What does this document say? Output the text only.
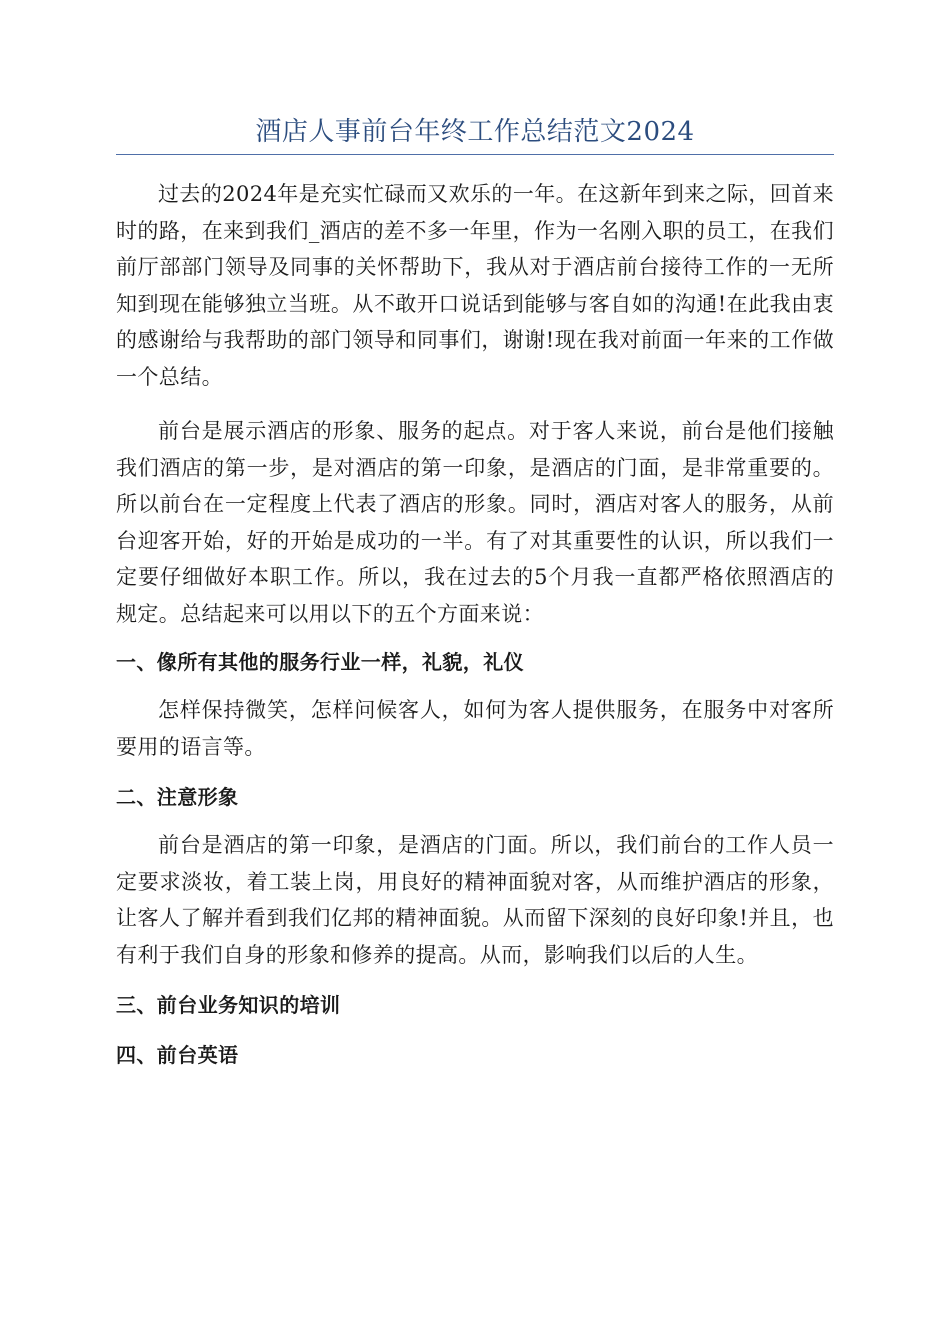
酒店人事前台年终工作总结范文2024

过去的2024年是充实忙碌而又欢乐的一年。在这新年到来之际，回首来时的路，在来到我们_酒店的差不多一年里，作为一名刚入职的员工，在我们前厅部部门领导及同事的关怀帮助下，我从对于酒店前台接待工作的一无所知到现在能够独立当班。从不敢开口说话到能够与客自如的沟通!在此我由衷的感谢给与我帮助的部门领导和同事们，谢谢!现在我对前面一年来的工作做一个总结。

前台是展示酒店的形象、服务的起点。对于客人来说，前台是他们接触我们酒店的第一步，是对酒店的第一印象，是酒店的门面，是非常重要的。所以前台在一定程度上代表了酒店的形象。同时，酒店对客人的服务，从前台迎客开始，好的开始是成功的一半。有了对其重要性的认识，所以我们一定要仔细做好本职工作。所以，我在过去的5个月我一直都严格依照酒店的规定。总结起来可以用以下的五个方面来说：

一、像所有其他的服务行业一样，礼貌，礼仪

怎样保持微笑，怎样问候客人，如何为客人提供服务，在服务中对客所要用的语言等。

二、注意形象

前台是酒店的第一印象，是酒店的门面。所以，我们前台的工作人员一定要求淡妆，着工装上岗，用良好的精神面貌对客，从而维护酒店的形象，让客人了解并看到我们亿邦的精神面貌。从而留下深刻的良好印象!并且，也有利于我们自身的形象和修养的提高。从而，影响我们以后的人生。

三、前台业务知识的培训

四、前台英语
